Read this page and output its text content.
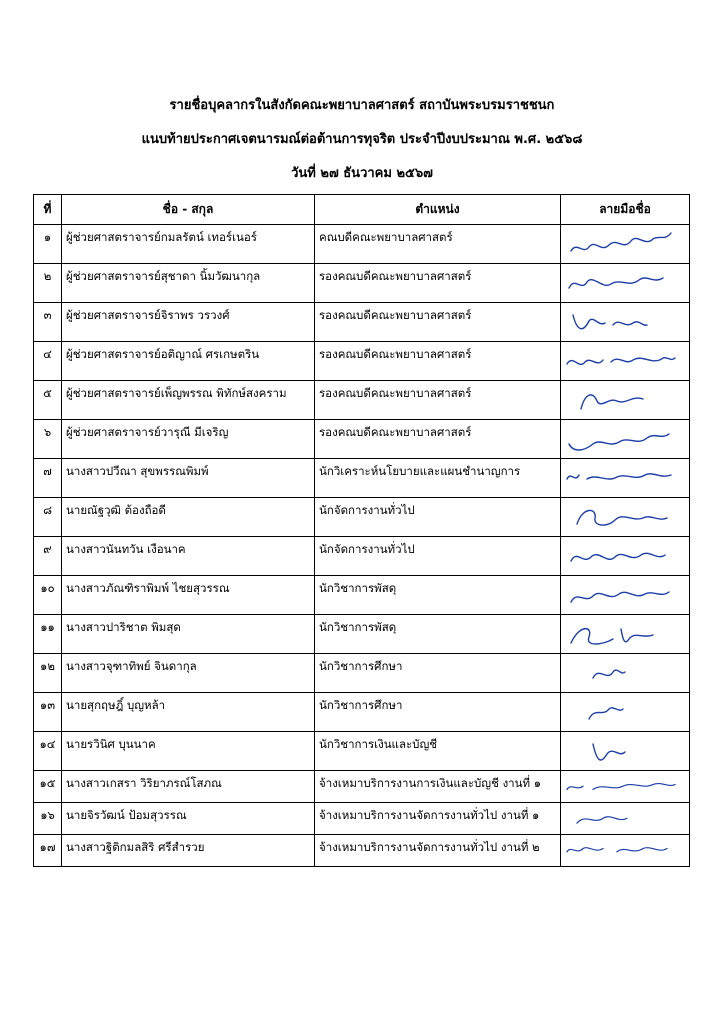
รายชื่อบุคลากรในสังกัดคณะพยาบาลศาสตร์ สถาบันพระบรมราชชนก
แนบท้ายประกาศเจตนารมณ์ต่อต้านการทุจริต ประจำปีงบประมาณ พ.ศ. ๒๕๖๘
วันที่ ๒๗ ธันวาคม ๒๕๖๗
ที่	ชื่อ - สกุล	ตำแหน่ง	ลายมือชื่อ
๑	ผู้ช่วยศาสตราจารย์กมลรัตน์ เทอร์เนอร์	คณบดีคณะพยาบาลศาสตร์	

๒	ผู้ช่วยศาสตราจารย์สุชาดา นิ้มวัฒนากุล	รองคณบดีคณะพยาบาลศาสตร์	

๓	ผู้ช่วยศาสตราจารย์จิราพร วรวงศ์	รองคณบดีคณะพยาบาลศาสตร์	

๔	ผู้ช่วยศาสตราจารย์อติญาณ์ ศรเกษตริน	รองคณบดีคณะพยาบาลศาสตร์	

๕	ผู้ช่วยศาสตราจารย์เพ็ญพรรณ พิทักษ์สงคราม	รองคณบดีคณะพยาบาลศาสตร์	

๖	ผู้ช่วยศาสตราจารย์วารุณี มีเจริญ	รองคณบดีคณะพยาบาลศาสตร์	

๗	นางสาวปวีณา สุขพรรณพิมพ์	นักวิเคราะห์นโยบายและแผนชำนาญการ	

๘	นายณัฐวุฒิ ต้องถือดี	นักจัดการงานทั่วไป	

๙	นางสาวนันทวัน เงือนาค	นักจัดการงานทั่วไป	

๑๐	นางสาวภัณฑิราพิมพ์ ไชยสุวรรณ	นักวิชาการพัสดุ	

๑๑	นางสาวปาริชาต พิมสุด	นักวิชาการพัสดุ	

๑๒	นางสาวจุฑาทิพย์ จินดากุล	นักวิชาการศึกษา	

๑๓	นายสุกฤษฎิ์ บุญหล้า	นักวิชาการศึกษา	

๑๔	นายรวินิศ บุนนาค	นักวิชาการเงินและบัญชี	

๑๕	นางสาวเกสรา วิริยาภรณ์โสภณ	จ้างเหมาบริการงานการเงินและบัญชี งานที่ ๑	

๑๖	นายจิรวัฒน์ ป้อมสุวรรณ	จ้างเหมาบริการงานจัดการงานทั่วไป งานที่ ๑	

๑๗	นางสาวฐิติกมลสิริ ศรีสำรวย	จ้างเหมาบริการงานจัดการงานทั่วไป งานที่ ๒	
